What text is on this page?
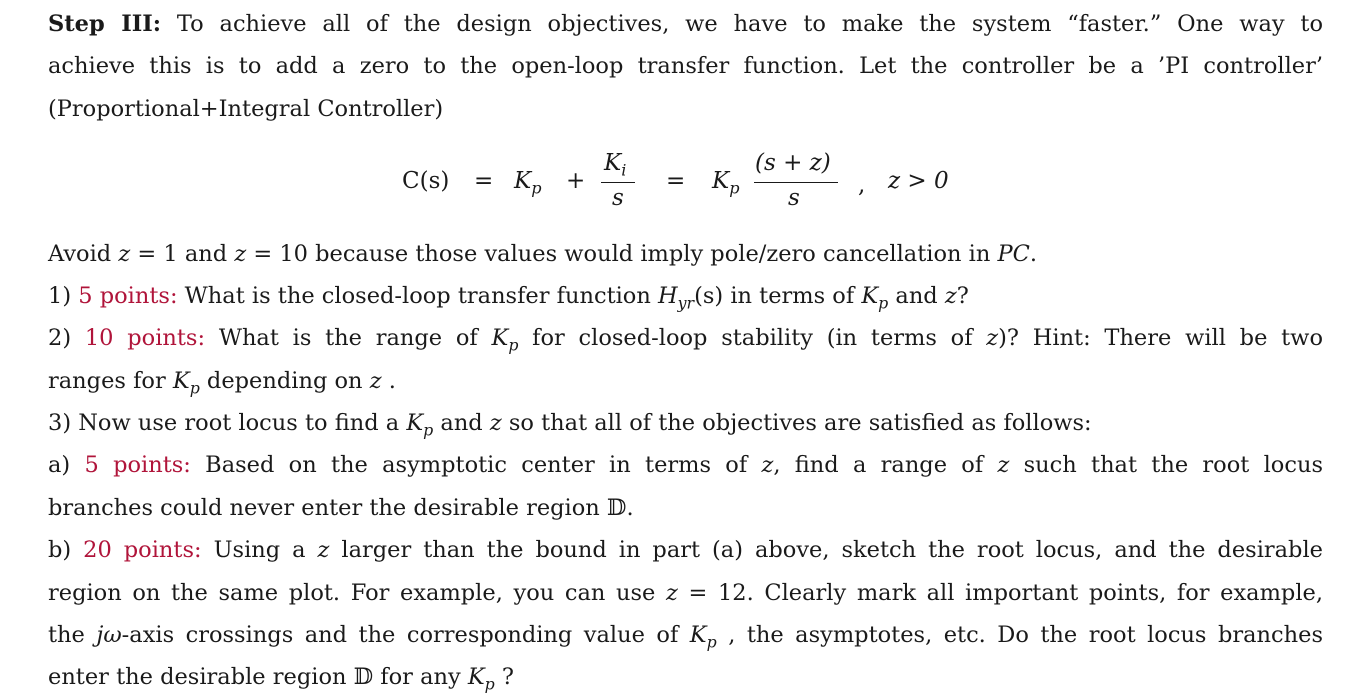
Step III: To achieve all of the design objectives, we have to make the system “faster.” One way to
achieve this is to add a zero to the open-loop transfer function. Let the controller be a ’PI controller’
(Proportional+Integral Controller)
$C(s) = K_p$ +
$K_i$
s
= $K_p$
(s + z)
s	, z > 0
Avoid z = 1 and z = 10 because those values would imply pole/zero cancellation in PC.
1) 5 points: What is the closed-loop transfer function $H_{yr}(s)$ in terms of $K_p$ and z?
2) 10 points: What is the range of $K_p$ for closed-loop stability (in terms of z)? Hint: There will be two
ranges for $K_p$ depending on z .
3) Now use root locus to find a $K_p$ and z so that all of the objectives are satisfied as follows:
a) 5 points: Based on the asymptotic center in terms of z, find a range of z such that the root locus
branches could never enter the desirable region 𝔻.
b) 20 points: Using a z larger than the bound in part (a) above, sketch the root locus, and the desirable
region on the same plot. For example, you can use z = 12. Clearly mark all important points, for example,
the jω-axis crossings and the corresponding value of $K_p$ , the asymptotes, etc. Do the root locus branches
enter the desirable region 𝔻 for any $K_p$ ?
